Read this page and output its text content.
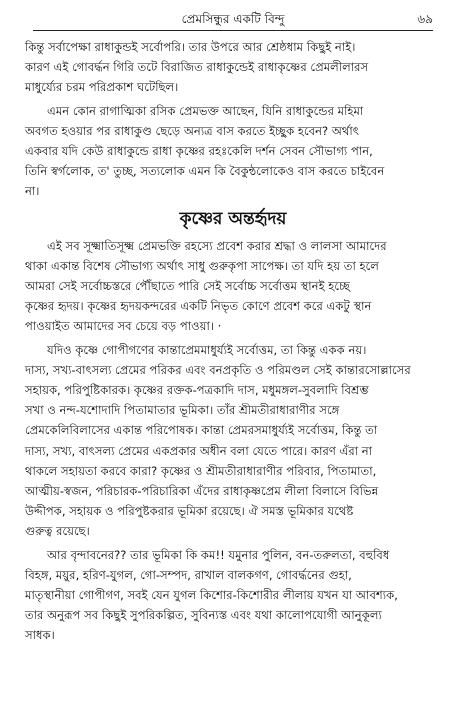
প্রেমসিন্ধুর একটি বিন্দু	৬৯

কিন্তু সর্বাপেক্ষা রাধাকুন্ডই সর্বোপরি। তার উপরে আর শ্রেষ্ঠধাম কিছুই নাই।
কারণ এই গোবর্দ্ধন গিরি তটে বিরাজিত রাধাকুন্ডেই রাধাকৃষ্ণের প্রেমলীলারস
মাধুর্য্যের চরম পরিপ্রকাশ ঘটেছিল।

এমন কোন রাগাত্মিকা রসিক প্রেমভক্ত আছেন, যিনি রাধাকুন্ডের মহিমা
অবগত হওয়ার পর রাধাকুণ্ড ছেড়ে অন্যত্র বাস করতে ইচ্ছুক হবেন? অর্থাৎ
একবার যদি কেউ রাধাকুন্ডে রাধা কৃষ্ণের রহঃকেলি দর্শন সেবন সৌভাগ্য পান,
তিনি স্বর্গলোক, ত' তুচ্ছ, সত্যলোক এমন কি বৈকুন্ঠলোকেও বাস করতে চাইবেন
না।

কৃষ্ণের অন্তর্হৃদয়

এই সব সূক্ষ্মাতিসূক্ষ্ম প্রেমভক্তি রহস্যে প্রবেশ করার শ্রদ্ধা ও লালসা আমাদের
থাকা একান্ত বিশেষ সৌভাগ্য অর্থাৎ সাধু গুরুকৃপা সাপেক্ষ। তা যদি হয় তা হলে
আমরা সেই সর্বোচ্চস্তরে পৌঁছাতে পারি সেই সর্বোচ্চ সর্বোত্তম স্থানই হচ্ছে
কৃষ্ণের হৃদয়। কৃষ্ণের হৃদয়কন্দরের একটি নিভৃত কোণে প্রবেশ করে একটু স্থান
পাওয়াইত আমাদের সব চেয়ে বড় পাওয়া। ·

যদিও কৃষ্ণে গোপীগণের কান্তাপ্রেমমাধুর্য্যই সর্বোত্তম, তা কিন্তু একক নয়।
দাস্য, সখ্য-বাৎসল্য প্রেমের পরিকর এবং বনপ্রকৃতি ও পরিমণ্ডল সেই কান্তারসোল্লাসের
সহায়ক, পরিপুষ্টিকারক। কৃষ্ণের রক্তক-পত্রকাদি দাস, মধুমঙ্গল-সুবলাদি বিশ্রম্ভ
সখা ও নন্দ-যশোদাদি পিতামাতার ভূমিকা। তাঁর শ্রীমতীরাধারাণীর সঙ্গে
প্রেমকেলিবিলাসের একান্ত পরিপোষক। কান্তা প্রেমরসমাধুর্য্যই সর্বোত্তম, কিন্তু তা
দাস্য, সখ্য, বাৎসল্য প্রেমের একপ্রকার অধীন বলা যেতে পারে। কারণ এঁরা না
থাকলে সহায়তা করবে কারা? কৃষ্ণের ও শ্রীমতীরাধারাণীর পরিবার, পিতামাতা,
আত্মীয়-স্বজন, পরিচারক-পরিচারিকা এঁদের রাধাকৃষ্ণপ্রেম লীলা বিলাসে বিভিন্ন
উদ্দীপক, সহায়ক ও পরিপুষ্টকরার ভূমিকা রয়েছে। ঐ সমস্ত ভূমিকার যথেষ্ট
গুরুত্ব রয়েছে।

আর বৃন্দাবনের?? তার ভূমিকা কি কম!! যমুনার পুলিন, বন-তরুলতা, বহুবিধ
বিহঙ্গ, ময়ুর, হরিণ-যুগল, গো-সম্পদ, রাখাল বালকগণ, গোবর্দ্ধনের গুহা,
মাতৃস্থানীয়া গোপীগণ, সবই যেন যুগল কিশোর-কিশোরীর লীলায় যখন যা আবশ্যক,
তার অনুরূপ সব কিছুই সুপরিকল্পিত, সুবিন্যস্ত এবং যথা কালোপযোগী আনুকূল্য
সাধক।
